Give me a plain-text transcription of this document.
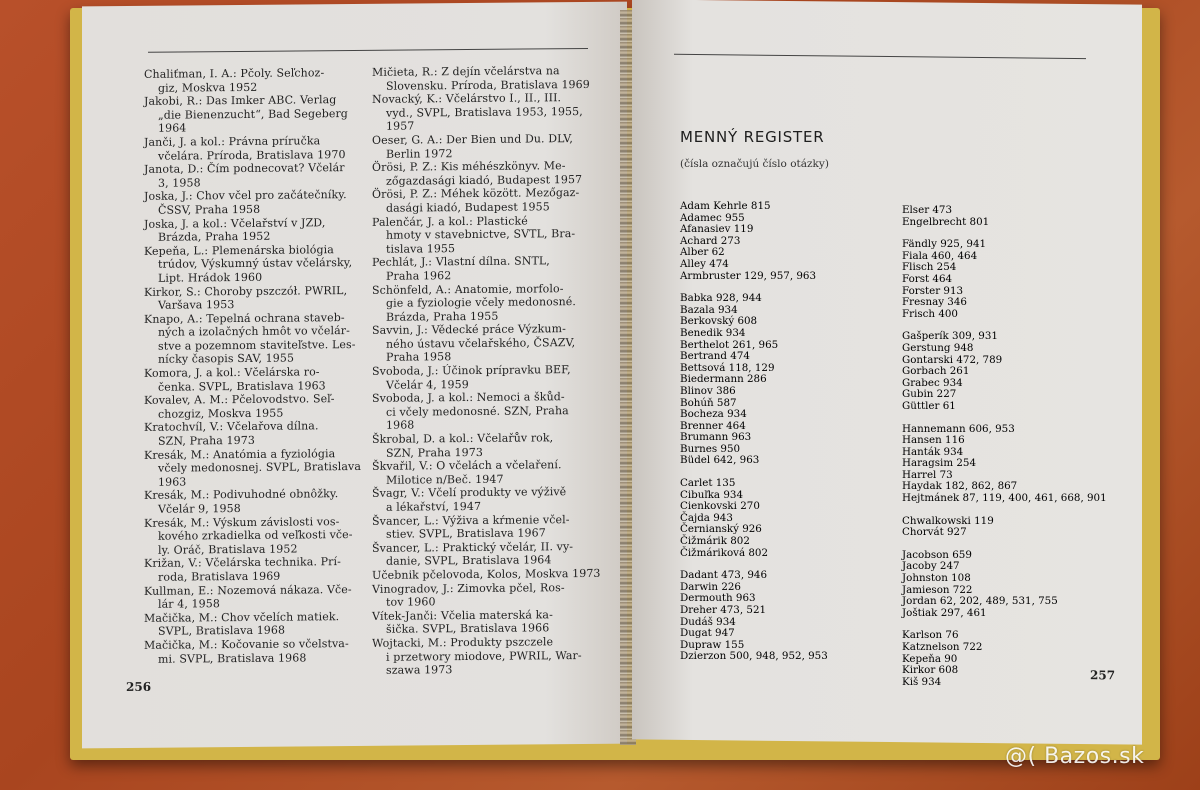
Chaliťman, I. A.: Pčoly. Seľchoz-
giz, Moskva 1952
Jakobi, R.: Das Imker ABC. Verlag
„die Bienenzucht“, Bad Segeberg
1964
Janči, J. a kol.: Právna príručka
včelára. Príroda, Bratislava 1970
Janota, D.: Čím podnecovat? Včelár
3, 1958
Joska, J.: Chov včel pro začátečníky.
ČSSV, Praha 1958
Joska, J. a kol.: Včelařství v JZD,
Brázda, Praha 1952
Kepeňa, L.: Plemenárska biológia
trúdov, Výskumný ústav včelársky,
Lipt. Hrádok 1960
Kirkor, S.: Choroby pszczół. PWRIL,
Varšava 1953
Knapo, A.: Tepelná ochrana staveb-
ných a izolačných hmôt vo včelár-
stve a pozemnom staviteľstve. Les-
nícky časopis SAV, 1955
Komora, J. a kol.: Včelárska ro-
čenka. SVPL, Bratislava 1963
Kovalev, A. M.: Pčelovodstvo. Seľ-
chozgiz, Moskva 1955
Kratochvíl, V.: Včelařova dílna.
SZN, Praha 1973
Kresák, M.: Anatómia a fyziológia
včely medonosnej. SVPL, Bratislava
1963
Kresák, M.: Podivuhodné obnôžky.
Včelár 9, 1958
Kresák, M.: Výskum závislosti vos-
kového zrkadielka od veľkosti vče-
ly. Oráč, Bratislava 1952
Križan, V.: Včelárska technika. Prí-
roda, Bratislava 1969
Kullman, E.: Nozemová nákaza. Vče-
lár 4, 1958
Mačička, M.: Chov včelích matiek.
SVPL, Bratislava 1968
Mačička, M.: Kočovanie so včelstva-
mi. SVPL, Bratislava 1968
Mičieta, R.: Z dejín včelárstva na
Slovensku. Príroda, Bratislava 1969
Novacký, K.: Včelárstvo I., II., III.
vyd., SVPL, Bratislava 1953, 1955,
1957
Oeser, G. A.: Der Bien und Du. DLV,
Berlin 1972
Örösi, P. Z.: Kis méhészkönyv. Me-
zőgazdasági kiadó, Budapest 1957
Örösi, P. Z.: Méhek között. Mezőgaz-
dasági kiadó, Budapest 1955
Palenčár, J. a kol.: Plastické
hmoty v stavebnictve, SVTL, Bra-
tislava 1955
Pechlát, J.: Vlastní dílna. SNTL,
Praha 1962
Schönfeld, A.: Anatomie, morfolo-
gie a fyziologie včely medonosné.
Brázda, Praha 1955
Savvin, J.: Vědecké práce Výzkum-
ného ústavu včelařského, ČSAZV,
Praha 1958
Svoboda, J.: Účinok prípravku BEF,
Včelár 4, 1959
Svoboda, J. a kol.: Nemoci a škůd-
ci včely medonosné. SZN, Praha
1968
Škrobal, D. a kol.: Včelařův rok,
SZN, Praha 1973
Škvařil, V.: O včelách a včelaření.
Milotice n/Beč. 1947
Švagr, V.: Včelí produkty ve výživě
a lékařství, 1947
Švancer, L.: Výživa a kŕmenie včel-
stiev. SVPL, Bratislava 1967
Švancer, L.: Praktický včelár, II. vy-
danie, SVPL, Bratislava 1964
Učebnik pčelovoda, Kolos, Moskva 1973
Vinogradov, J.: Zimovka pčel, Ros-
tov 1960
Vítek-Janči: Včelia materská ka-
šička. SVPL, Bratislava 1966
Wojtacki, M.: Produkty pszczele
i przetwory miodove, PWRIL, War-
szawa 1973
256
257
MENNÝ REGISTER
(čísla označujú číslo otázky)
Adam Kehrle 815
Adamec 955
Afanasiev 119
Achard 273
Alber 62
Alley 474
Armbruster 129, 957, 963
Babka 928, 944
Bazala 934
Berkovský 608
Benedik 934
Berthelot 261, 965
Bertrand 474
Bettsová 118, 129
Biedermann 286
Blinov 386
Bohúň 587
Bocheza 934
Brenner 464
Brumann 963
Burnes 950
Büdel 642, 963
Carlet 135
Cibuľka 934
Cienkovski 270
Čajda 943
Černianský 926
Čižmárik 802
Čižmáriková 802
Dadant 473, 946
Darwin 226
Dermouth 963
Dreher 473, 521
Dudáš 934
Dugat 947
Dupraw 155
Dzierzon 500, 948, 952, 953
Elser 473
Engelbrecht 801
Fändly 925, 941
Fiala 460, 464
Flisch 254
Forst 464
Forster 913
Fresnay 346
Frisch 400
Gašperík 309, 931
Gerstung 948
Gontarski 472, 789
Gorbach 261
Grabec 934
Gubin 227
Güttler 61
Hannemann 606, 953
Hansen 116
Hanták 934
Haragsim 254
Harrel 73
Haydak 182, 862, 867
Hejtmánek 87, 119, 400, 461, 668, 901
Chwalkowski 119
Chorvát 927
Jacobson 659
Jacoby 247
Johnston 108
Jamieson 722
Jordan 62, 202, 489, 531, 755
Joštiak 297, 461
Karlson 76
Katznelson 722
Kepeňa 90
Kirkor 608
Kiš 934
@( Bazos.sk
